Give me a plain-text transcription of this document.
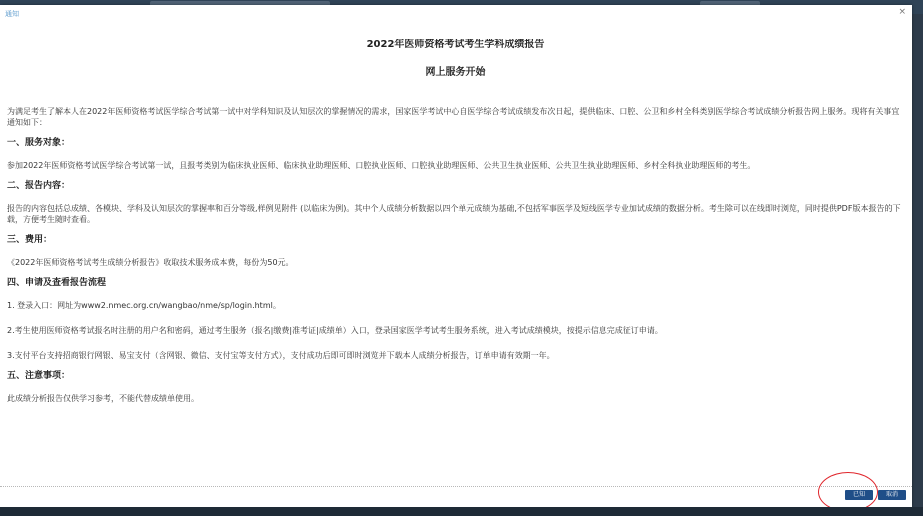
通知	×
2022年医师资格考试考生学科成绩报告
网上服务开始

为满足考生了解本人在2022年医师资格考试医学综合考试第一试中对学科知识及认知层次的掌握情况的需求，国家医学考试中心自医学综合考试成绩发布次日起，提供临床、口腔、公卫和乡村全科类别医学综合考试成绩分析报告网上服务。现将有关事宜通知如下：

一、服务对象：

参加2022年医师资格考试医学综合考试第一试，且报考类别为临床执业医师、临床执业助理医师、口腔执业医师、口腔执业助理医师、公共卫生执业医师、公共卫生执业助理医师、乡村全科执业助理医师的考生。

二、报告内容：

报告的内容包括总成绩、各模块、学科及认知层次的掌握率和百分等级,样例见附件 (以临床为例)。其中个人成绩分析数据以四个单元成绩为基础,不包括军事医学及短线医学专业加试成绩的数据分析。考生除可以在线即时浏览，同时提供PDF版本报告的下载，方便考生随时查看。

三、费用：

《2022年医师资格考试考生成绩分析报告》收取技术服务成本费，每份为50元。

四、申请及查看报告流程

1. 登录入口：网址为www2.nmec.org.cn/wangbao/nme/sp/login.html。

2.考生使用医师资格考试报名时注册的用户名和密码，通过考生服务（报名|缴费|准考证|成绩单）入口，登录国家医学考试考生服务系统，进入考试成绩模块，按提示信息完成征订申请。

3.支付平台支持招商银行网银、易宝支付（含网银、微信、支付宝等支付方式），支付成功后即可即时浏览并下载本人成绩分析报告，订单申请有效期一年。

五、注意事项：

此成绩分析报告仅供学习参考，不能代替成绩单使用。

已知	取消
